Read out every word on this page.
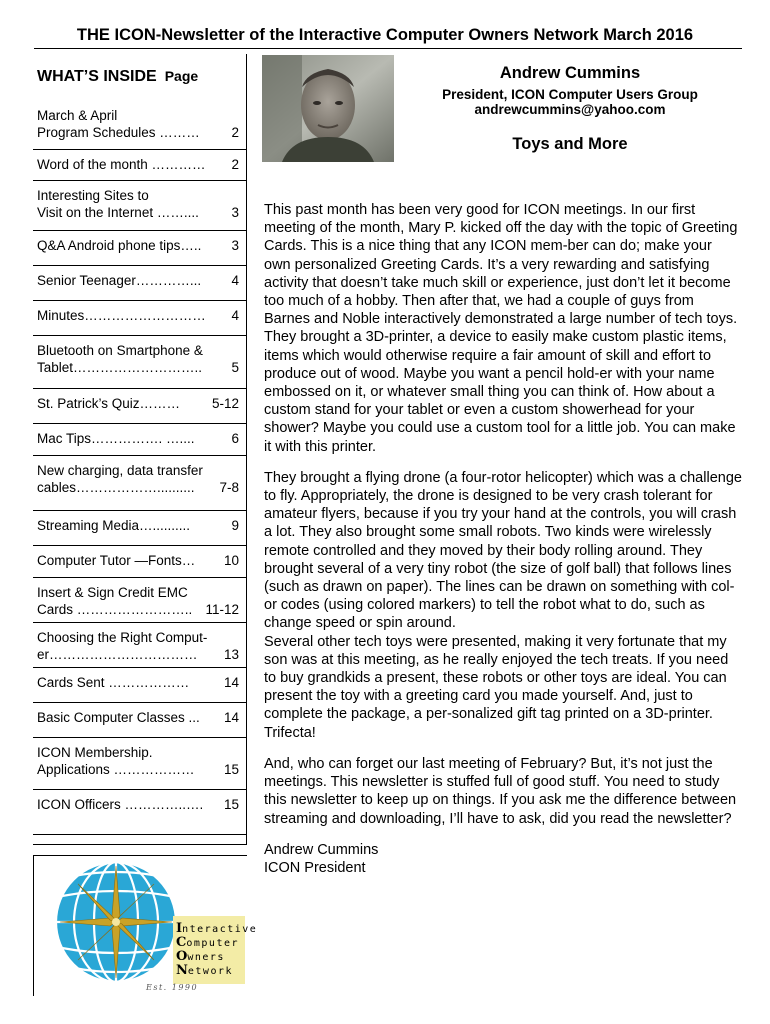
THE ICON-Newsletter of the Interactive Computer Owners Network March 2016
WHAT’S INSIDE Page
March & April
Program Schedules ……… 2
Word of the month ………… 2
Interesting Sites to
Visit on the Internet …….... 3
Q&A Android phone tips….. 3
Senior Teenager…………... 4
Minutes……………………… 4
Bluetooth on Smartphone &
Tablet……………………….. 5
St. Patrick’s Quiz……… 5-12
Mac Tips……………. …....	6
New charging, data transfer
cables……………….......... 7-8
Streaming Media…..........	9
Computer Tutor —Fonts… 10
Insert & Sign Credit EMC
Cards …………………….. 11-12
Choosing the Right Comput-
er…………………………… 13
Cards Sent ………………	14
Basic Computer Classes ... 14
ICON Membership.
Applications ……………… 15
ICON Officers …………..…. 15
Andrew Cummins
President, ICON Computer Users Group
andrewcummins@yahoo.com
Toys and More

This past month has been very good for ICON meetings. In our first meeting of the month, Mary P. kicked off the day with the topic of Greeting Cards. This is a nice thing that any ICON mem-ber can do; make your own personalized Greeting Cards. It’s a very rewarding and satisfying activity that doesn’t take much skill or experience, just don’t let it become too much of a hobby. Then after that, we had a couple of guys from Barnes and Noble interactively demonstrated a large number of tech toys. They brought a 3D-printer, a device to easily make custom plastic items, items which would otherwise require a fair amount of skill and effort to produce out of wood. Maybe you want a pencil hold-er with your name embossed on it, or whatever small thing you can think of. How about a custom stand for your tablet or even a custom showerhead for your shower? Maybe you could use a custom tool for a little job. You can make it with this printer.

They brought a flying drone (a four-rotor helicopter) which was a challenge to fly. Appropriately, the drone is designed to be very crash tolerant for amateur flyers, because if you try your hand at the controls, you will crash a lot. They also brought some small robots. Two kinds were wirelessly remote controlled and they moved by their body rolling around. They brought several of a very tiny robot (the size of golf ball) that follows lines (such as drawn on paper). The lines can be drawn on something with col-or codes (using colored markers) to tell the robot what to do, such as change speed or spin around.

Several other tech toys were presented, making it very fortunate that my son was at this meeting, as he really enjoyed the tech treats. If you need to buy grandkids a present, these robots or other toys are ideal. You can present the toy with a greeting card you made yourself. And, just to complete the package, a per-sonalized gift tag printed on a 3D-printer. Trifecta!

And, who can forget our last meeting of February? But, it’s not just the meetings. This newsletter is stuffed full of good stuff. You need to study this newsletter to keep up on things. If you ask me the difference between streaming and downloading, I’ll have to ask, did you read the newsletter?

Andrew Cummins

ICON President

Interactive
Computer
Owners
Network
Est. 1990
